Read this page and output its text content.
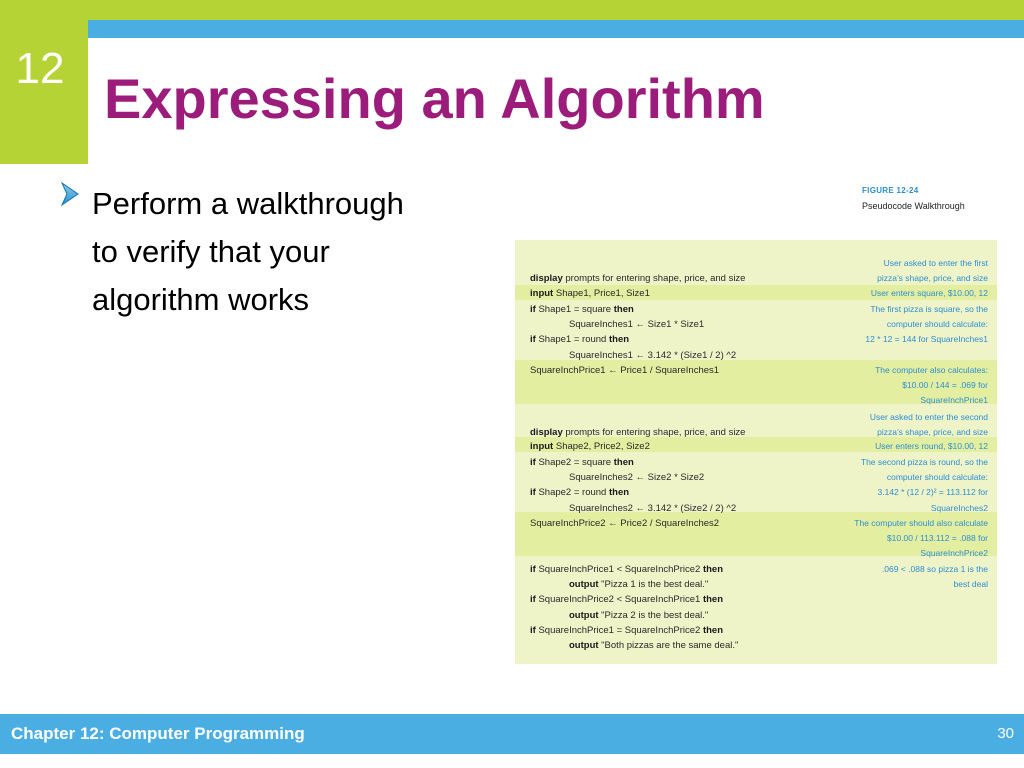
12 Expressing an Algorithm
Perform a walkthrough
to verify that your
algorithm works
FIGURE 12-24
Pseudocode Walkthrough
User asked to enter the first
display prompts for entering shape, price, and size	pizza’s shape, price, and size
input Shape1, Price1, Size1	User enters square, $10.00, 12
if Shape1 = square then	The first pizza is square, so the
SquareInches1 ← Size1 * Size1	computer should calculate:
if Shape1 = round then	12 * 12 = 144 for SquareInches1
SquareInches1 ← 3.142 * (Size1 / 2) ^2
SquareInchPrice1 ← Price1 / SquareInches1	The computer also calculates:
$10.00 / 144 = .069 for
SquareInchPrice1
User asked to enter the second
display prompts for entering shape, price, and size	pizza’s shape, price, and size
input Shape2, Price2, Size2	User enters round, $10.00, 12
if Shape2 = square then	The second pizza is round, so the
SquareInches2 ← Size2 * Size2	computer should calculate:
if Shape2 = round then	3.142 * (12 / 2)² = 113.112 for
SquareInches2 ← 3.142 * (Size2 / 2) ^2	SquareInches2
SquareInchPrice2 ← Price2 / SquareInches2	The computer should also calculate
$10.00 / 113.112 = .088 for
SquareInchPrice2
if SquareInchPrice1 < SquareInchPrice2 then	.069 < .088 so pizza 1 is the
output "Pizza 1 is the best deal."	best deal
if SquareInchPrice2 < SquareInchPrice1 then
output "Pizza 2 is the best deal."
if SquareInchPrice1 = SquareInchPrice2 then
output "Both pizzas are the same deal."
Chapter 12: Computer Programming	30
